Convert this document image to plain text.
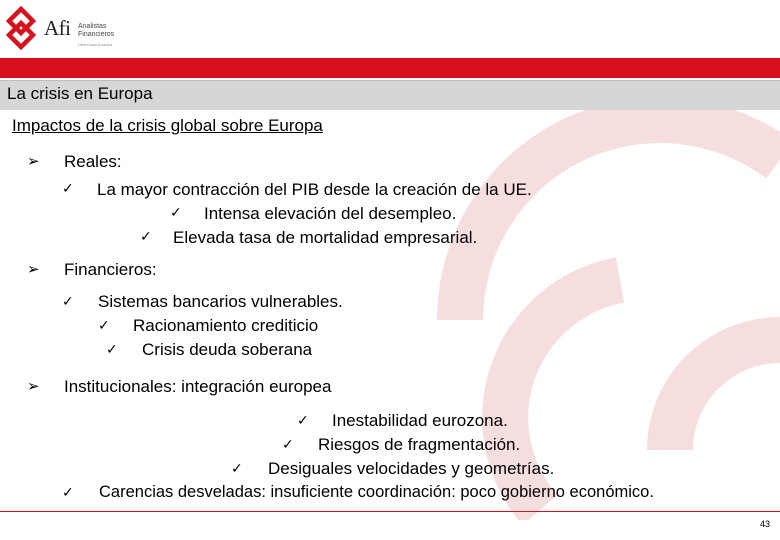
Afi Analistas
Financieros
Internacionales
La crisis en Europa
Impactos de la crisis global sobre Europa
➢ Reales:
✓ La mayor contracción del PIB desde la creación de la UE.
✓ Intensa elevación del desempleo.
✓ Elevada tasa de mortalidad empresarial.
➢ Financieros:
✓ Sistemas bancarios vulnerables.
✓ Racionamiento crediticio
✓ Crisis deuda soberana
➢ Institucionales: integración europea
✓ Inestabilidad eurozona.
✓ Riesgos de fragmentación.
✓ Desiguales velocidades y geometrías.
✓ Carencias desveladas: insuficiente coordinación: poco gobierno económico.
43
